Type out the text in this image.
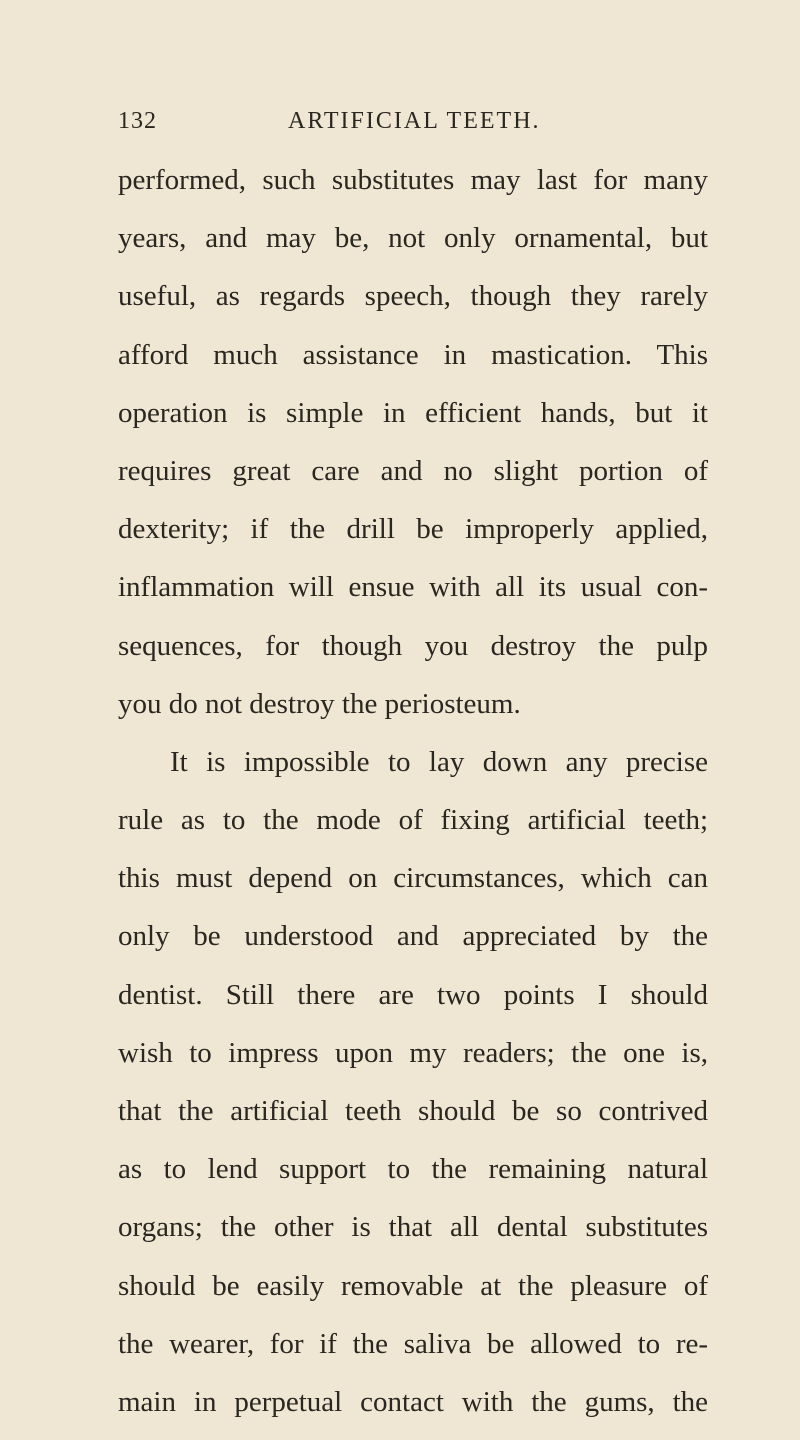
132	ARTIFICIAL TEETH.
performed, such substitutes may last for many
years, and may be, not only ornamental, but
useful, as regards speech, though they rarely
afford much assistance in mastication. This
operation is simple in efficient hands, but it
requires great care and no slight portion of
dexterity; if the drill be improperly applied,
inflammation will ensue with all its usual con-
sequences, for though you destroy the pulp
you do not destroy the periosteum.
It is impossible to lay down any precise
rule as to the mode of fixing artificial teeth;
this must depend on circumstances, which can
only be understood and appreciated by the
dentist. Still there are two points I should
wish to impress upon my readers; the one is,
that the artificial teeth should be so contrived
as to lend support to the remaining natural
organs; the other is that all dental substitutes
should be easily removable at the pleasure of
the wearer, for if the saliva be allowed to re-
main in perpetual contact with the gums, the
